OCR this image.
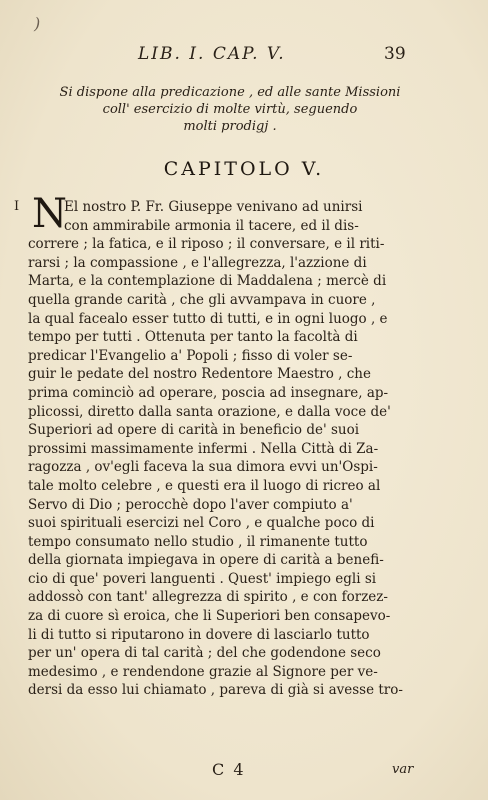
)
LIB. I. CAP. V.	39
Si dispone alla predicazione , ed alle sante Missioni
coll' esercizio di molte virtù, seguendo
molti prodigj .
CAPITOLO V.
I N
El nostro P. Fr. Giuseppe venivano ad unirsi
con ammirabile armonia il tacere, ed il dis-
correre ; la fatica, e il riposo ; il conversare, e il riti-
rarsi ; la compassione , e l'allegrezza, l'azzione di
Marta, e la contemplazione di Maddalena ; mercè di
quella grande carità , che gli avvampava in cuore ,
la qual facealo esser tutto di tutti, e in ogni luogo , e
tempo per tutti . Ottenuta per tanto la facoltà di
predicar l'Evangelio a' Popoli ; fisso di voler se-
guir le pedate del nostro Redentore Maestro , che
prima cominciò ad operare, poscia ad insegnare, ap-
plicossi, diretto dalla santa orazione, e dalla voce de'
Superiori ad opere di carità in beneficio de' suoi
prossimi massimamente infermi . Nella Città di Za-
ragozza , ov'egli faceva la sua dimora evvi un'Ospi-
tale molto celebre , e questi era il luogo di ricreo al
Servo di Dio ; perocchè dopo l'aver compiuto a'
suoi spirituali esercizi nel Coro , e qualche poco di
tempo consumato nello studio , il rimanente tutto
della giornata impiegava in opere di carità a benefi-
cio di que' poveri languenti . Quest' impiego egli si
addossò con tant' allegrezza di spirito , e con forzez-
za di cuore sì eroica, che li Superiori ben consapevo-
li di tutto si riputarono in dovere di lasciarlo tutto
per un' opera di tal carità ; del che godendone seco
medesimo , e rendendone grazie al Signore per ve-
dersi da esso lui chiamato , pareva di già si avesse tro-
C 4	var
